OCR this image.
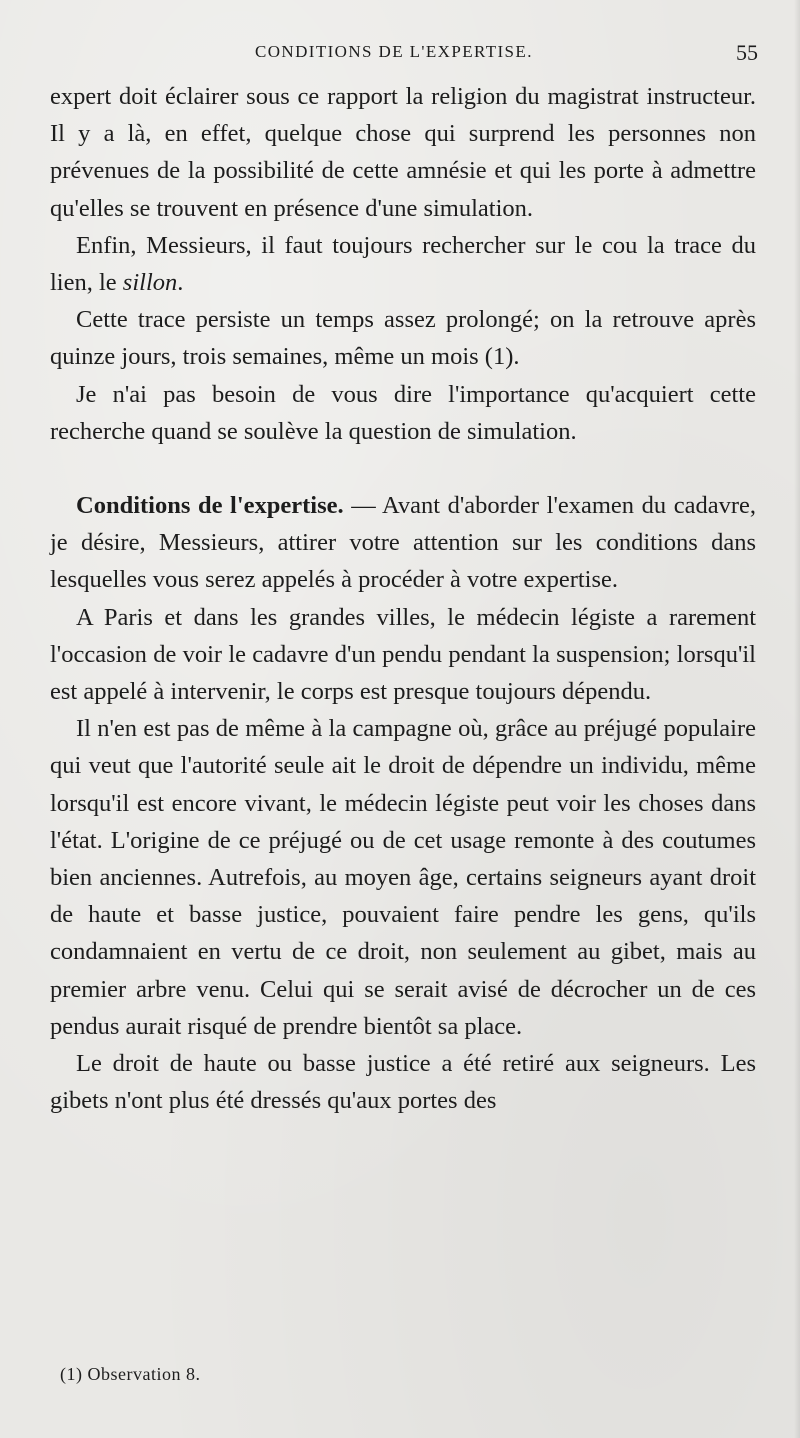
CONDITIONS DE L'EXPERTISE.	55

expert doit éclairer sous ce rapport la religion du magistrat instructeur. Il y a là, en effet, quelque chose qui surprend les personnes non prévenues de la possibilité de cette amnésie et qui les porte à admettre qu'elles se trouvent en présence d'une simulation.

Enfin, Messieurs, il faut toujours rechercher sur le cou la trace du lien, le sillon.

Cette trace persiste un temps assez prolongé; on la retrouve après quinze jours, trois semaines, même un mois (1).

Je n'ai pas besoin de vous dire l'importance qu'acquiert cette recherche quand se soulève la question de simulation.

Conditions de l'expertise. — Avant d'aborder l'examen du cadavre, je désire, Messieurs, attirer votre attention sur les conditions dans lesquelles vous serez appelés à procéder à votre expertise.

A Paris et dans les grandes villes, le médecin légiste a rarement l'occasion de voir le cadavre d'un pendu pendant la suspension; lorsqu'il est appelé à intervenir, le corps est presque toujours dépendu.

Il n'en est pas de même à la campagne où, grâce au préjugé populaire qui veut que l'autorité seule ait le droit de dépendre un individu, même lorsqu'il est encore vivant, le médecin légiste peut voir les choses dans l'état. L'origine de ce préjugé ou de cet usage remonte à des coutumes bien anciennes. Autrefois, au moyen âge, certains seigneurs ayant droit de haute et basse justice, pouvaient faire pendre les gens, qu'ils condamnaient en vertu de ce droit, non seulement au gibet, mais au premier arbre venu. Celui qui se serait avisé de décrocher un de ces pendus aurait risqué de prendre bientôt sa place.

Le droit de haute ou basse justice a été retiré aux seigneurs. Les gibets n'ont plus été dressés qu'aux portes des

(1) Observation 8.
